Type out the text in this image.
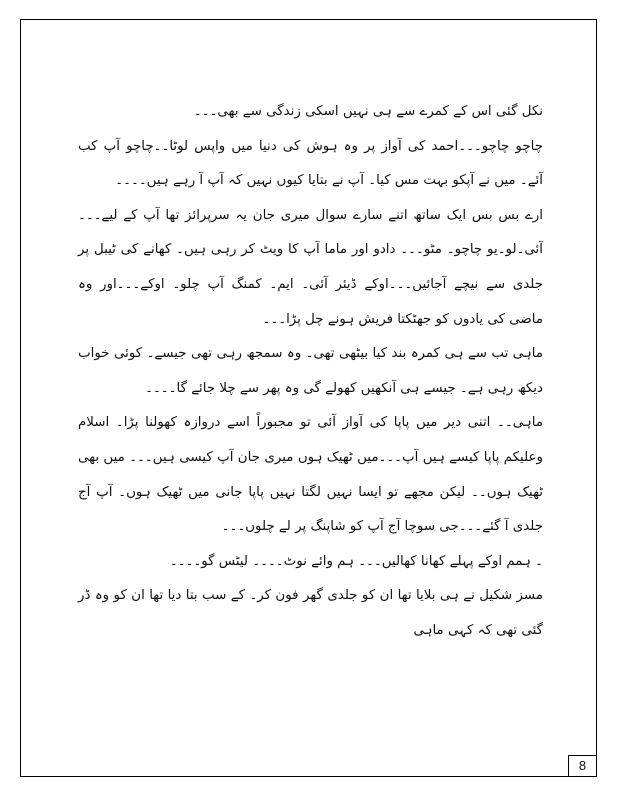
نکل گئی اس کے کمرے سے ہی نہیں اسکی زندگی سے بھی۔۔۔

چاچو چاچو۔۔۔احمد کی آواز پر وہ ہوش کی دنیا میں واپس لوٹا۔۔چاچو آپ کب آئے۔ میں نے آپکو بہت مس کیا۔ آپ نے بتایا کیوں نہیں کہ آپ آ رہے ہیں۔۔۔۔

ارے بس بس ایک ساتھ اتنے سارے سوال میری جان یہ سرپرائز تھا آپ کے لیے۔۔۔آئی۔لو۔یو چاچو۔ مٹو۔۔۔ دادو اور ماما آپ کا ویٹ کر رہی ہیں۔ کھانے کی ٹیبل پر جلدی سے نیچے آجائیں۔۔۔اوکے ڈیئر آئی۔ ایم۔ کمنگ آپ چلو۔ اوکے۔۔۔اور وہ ماضی کی یادوں کو جھٹکتا فریش ہونے چل پڑا۔۔۔

ماہی تب سے ہی کمرہ بند کیا بیٹھی تھی۔ وہ سمجھ رہی تھی جیسے۔ کوئی خواب دیکھ رہی ہے۔ جیسے ہی آنکھیں کھولے گی وہ پھر سے چلا جائے گا۔۔۔۔

ماہی۔۔ اتنی دیر میں پاپا کی آواز آئی تو مجبوراً اسے دروازہ کھولنا پڑا۔ اسلام وعلیکم پاپا کیسے ہیں آپ۔۔۔میں ٹھیک ہوں میری جان آپ کیسی ہیں۔۔۔ میں بھی ٹھیک ہوں۔۔ لیکن مجھے تو ایسا نہیں لگتا نہیں پاپا جانی میں ٹھیک ہوں۔ آپ آج جلدی آ گئے۔۔۔جی سوچا آج آپ کو شاپنگ پر لے چلوں۔۔۔

۔ ہمم اوکے پہلے کھانا کھالیں۔۔۔ ہم وائے نوٹ۔۔۔۔ لیٹس گو۔۔۔۔

مسز شکیل نے ہی بلایا تھا ان کو جلدی گھر فون کر۔ کے سب بتا دیا تھا ان کو وہ ڈر گئی تھی کہ کہی ماہی

8
